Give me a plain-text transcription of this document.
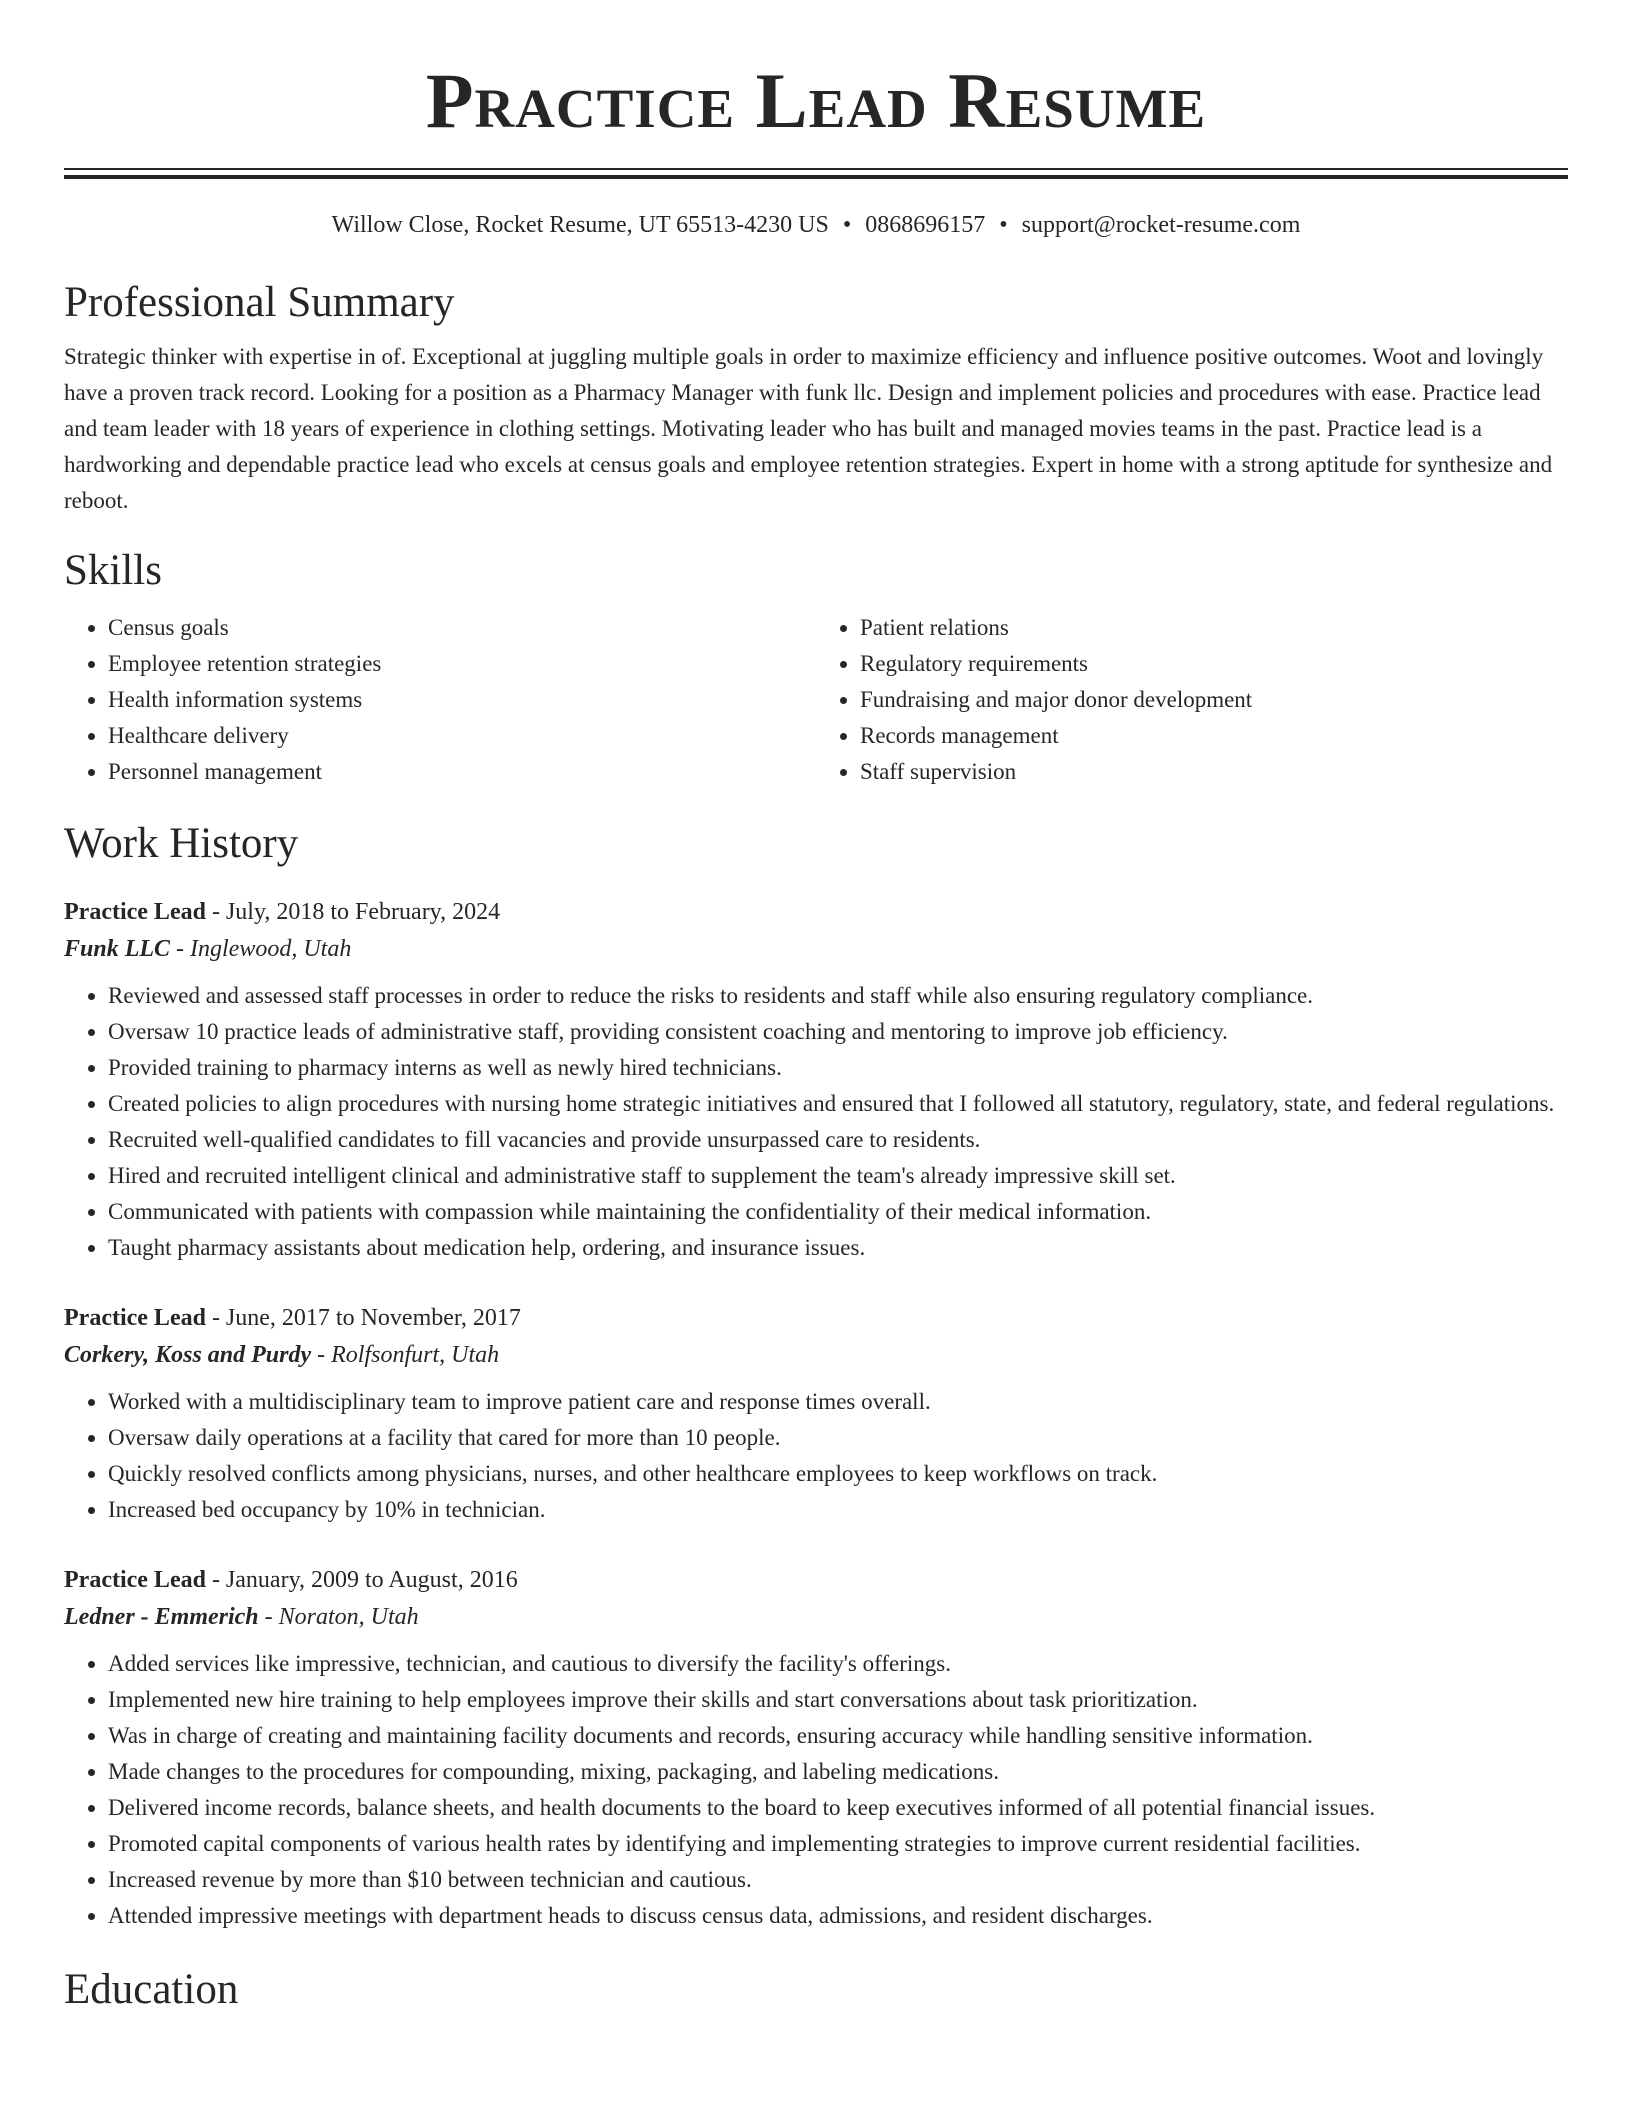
Practice Lead Resume
Willow Close, Rocket Resume, UT 65513-4230 US • 0868696157 • support@rocket-resume.com
Professional Summary

Strategic thinker with expertise in of. Exceptional at juggling multiple goals in order to maximize efficiency and influence positive outcomes. Woot and lovingly have a proven track record. Looking for a position as a Pharmacy Manager with funk llc. Design and implement policies and procedures with ease. Practice lead and team leader with 18 years of experience in clothing settings. Motivating leader who has built and managed movies teams in the past. Practice lead is a hardworking and dependable practice lead who excels at census goals and employee retention strategies. Expert in home with a strong aptitude for synthesize and reboot.

Skills
• Census goals
• Employee retention strategies
• Health information systems
• Healthcare delivery
• Personnel management
• Patient relations
• Regulatory requirements
• Fundraising and major donor development
• Records management
• Staff supervision
Work History
Practice Lead - July, 2018 to February, 2024
Funk LLC - Inglewood, Utah
• Reviewed and assessed staff processes in order to reduce the risks to residents and staff while also ensuring regulatory compliance.
• Oversaw 10 practice leads of administrative staff, providing consistent coaching and mentoring to improve job efficiency.
• Provided training to pharmacy interns as well as newly hired technicians.
• Created policies to align procedures with nursing home strategic initiatives and ensured that I followed all statutory, regulatory, state, and federal regulations.
• Recruited well-qualified candidates to fill vacancies and provide unsurpassed care to residents.
• Hired and recruited intelligent clinical and administrative staff to supplement the team's already impressive skill set.
• Communicated with patients with compassion while maintaining the confidentiality of their medical information.
• Taught pharmacy assistants about medication help, ordering, and insurance issues.
Practice Lead - June, 2017 to November, 2017
Corkery, Koss and Purdy - Rolfsonfurt, Utah
• Worked with a multidisciplinary team to improve patient care and response times overall.
• Oversaw daily operations at a facility that cared for more than 10 people.
• Quickly resolved conflicts among physicians, nurses, and other healthcare employees to keep workflows on track.
• Increased bed occupancy by 10% in technician.
Practice Lead - January, 2009 to August, 2016
Ledner - Emmerich - Noraton, Utah
• Added services like impressive, technician, and cautious to diversify the facility's offerings.
• Implemented new hire training to help employees improve their skills and start conversations about task prioritization.
• Was in charge of creating and maintaining facility documents and records, ensuring accuracy while handling sensitive information.
• Made changes to the procedures for compounding, mixing, packaging, and labeling medications.
• Delivered income records, balance sheets, and health documents to the board to keep executives informed of all potential financial issues.
• Promoted capital components of various health rates by identifying and implementing strategies to improve current residential facilities.
• Increased revenue by more than $10 between technician and cautious.
• Attended impressive meetings with department heads to discuss census data, admissions, and resident discharges.
Education
